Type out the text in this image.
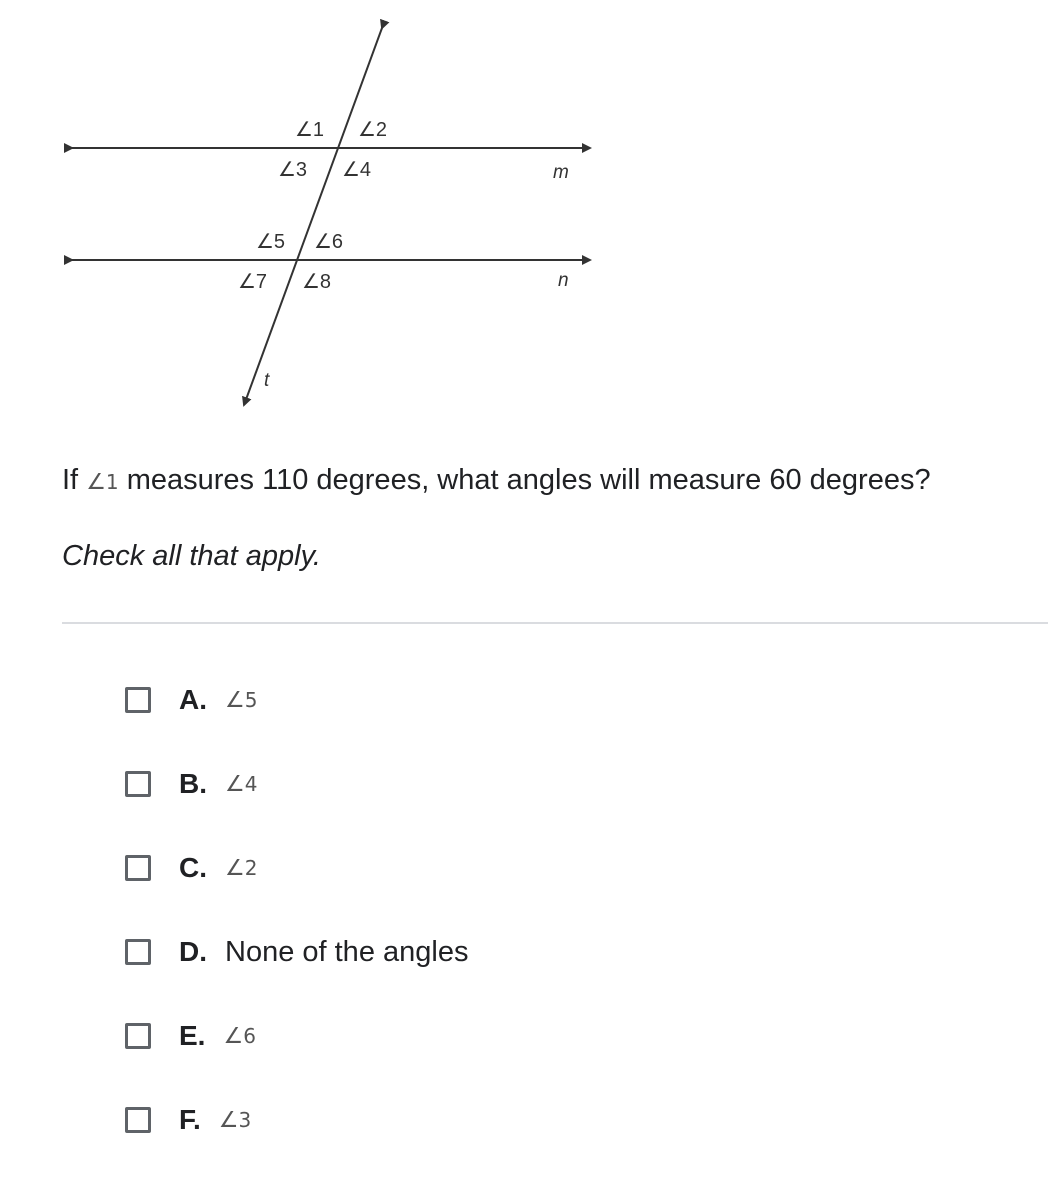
∠1 ∠2
∠3 ∠4
∠5 ∠6
∠7 ∠8
m
n
t
If ∠1 measures 110 degrees, what angles will measure 60 degrees?
Check all that apply.
A. ∠ 5
B. ∠ 4
C. ∠ 2
D. None of the angles
E. ∠ 6
F. ∠ 3
